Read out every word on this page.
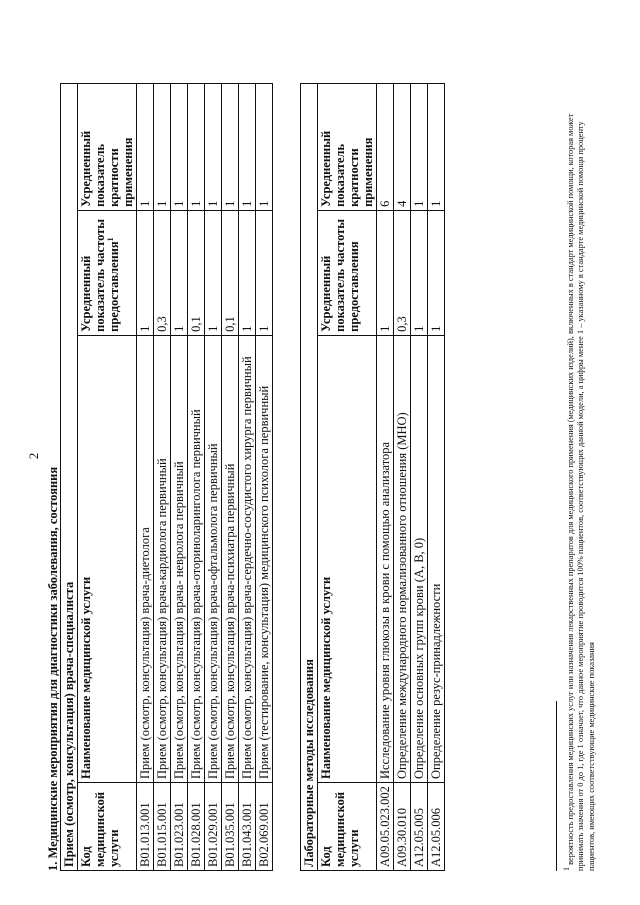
2
1. Медицинские мероприятия для диагностики заболевания, состояния Прием (осмотр, консультация) врача-специалиста			
Код медицинской услуги	Наименование медицинской услуги	Усредненный показатель частоты предоставления$^1$	Усредненный показатель кратности применения
B01.013.001	Прием (осмотр, консультация) врача-диетолога	1	1
B01.015.001	Прием (осмотр, консультация) врача-кардиолога первичный	0,3	1
B01.023.001	Прием (осмотр, консультация) врача- невролога первичный	1	1
B01.028.001	Прием (осмотр, консультация) врача-оториноларинголога первичный	0,1	1
B01.029.001	Прием (осмотр, консультация) врача-офтальмолога первичный	1	1
B01.035.001	Прием (осмотр, консультация) врача-психиатра первичный	0,1	1
B01.043.001	Прием (осмотр, консультация) врача-сердечно-сосудистого хирурга первичный	1	1
B02.069.001	Прием (тестирование, консультация) медицинского психолога первичный	1	1
Лабораторные методы исследования			
Код медицинской услуги	Наименование медицинской услуги	Усредненный показатель частоты предоставления	Усредненный показатель кратности применения
A09.05.023.002	Исследование уровня глюкозы в крови с помощью анализатора	1	6
A09.30.010	Определение международного нормализованного отношения (МНО)	0,3	4
A12.05.005	Определение основных групп крови (A, B, 0)	1	1
A12.05.006	Определение резус-принадлежности	1	1
$^1$ вероятность предоставления медицинских услуг или назначения лекарственных препаратов для медицинского применения (медицинских изделий), включенных в стандарт медицинской помощи, которая может принимать значения от 0 до 1, где 1 означает, что данное мероприятие проводится 100% пациентов, соответствующих данной модели, а цифры менее 1 – указанному в стандарте медицинской помощи проценту пациентов, имеющих соответствующие медицинские показания
